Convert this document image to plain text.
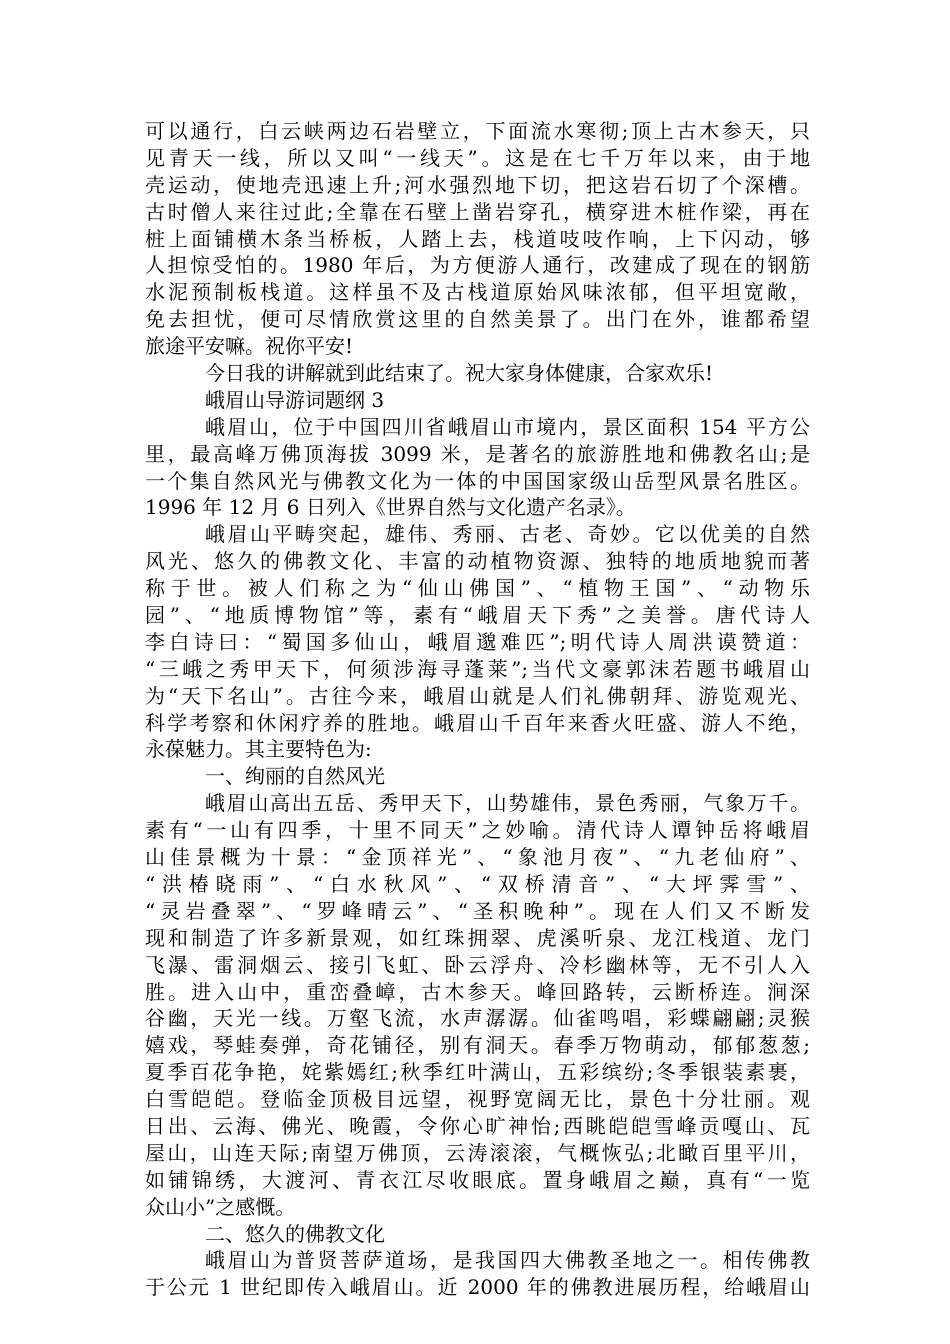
可以通行，白云峡两边石岩壁立，下面流水寒彻;顶上古木参天，只
见青天一线，所以又叫“一线天”。这是在七千万年以来，由于地
壳运动，使地壳迅速上升;河水强烈地下切，把这岩石切了个深槽。
古时僧人来往过此;全靠在石壁上凿岩穿孔，横穿进木桩作梁，再在
桩上面铺横木条当桥板，人踏上去，栈道吱吱作响，上下闪动，够
人担惊受怕的。1980 年后，为方便游人通行，改建成了现在的钢筋
水泥预制板栈道。这样虽不及古栈道原始风味浓郁，但平坦宽敞，
免去担忧，便可尽情欣赏这里的自然美景了。出门在外，谁都希望
旅途平安嘛。祝你平安!
今日我的讲解就到此结束了。祝大家身体健康，合家欢乐!
峨眉山导游词题纲 3
峨眉山，位于中国四川省峨眉山市境内，景区面积 154 平方公
里，最高峰万佛顶海拔 3099 米，是著名的旅游胜地和佛教名山;是
一个集自然风光与佛教文化为一体的中国国家级山岳型风景名胜区。
1996 年 12 月 6 日列入《世界自然与文化遗产名录》。
峨眉山平畴突起，雄伟、秀丽、古老、奇妙。它以优美的自然
风光、悠久的佛教文化、丰富的动植物资源、独特的地质地貌而著
称于世。被人们称之为“仙山佛国”、“植物王国”、“动物乐
园”、“地质博物馆”等，素有“峨眉天下秀”之美誉。唐代诗人
李白诗曰：“蜀国多仙山，峨眉邈难匹”;明代诗人周洪谟赞道：
“三峨之秀甲天下，何须涉海寻蓬莱”;当代文豪郭沫若题书峨眉山
为“天下名山”。古往今来，峨眉山就是人们礼佛朝拜、游览观光、
科学考察和休闲疗养的胜地。峨眉山千百年来香火旺盛、游人不绝，
永葆魅力。其主要特色为:
一、绚丽的自然风光
峨眉山高出五岳、秀甲天下，山势雄伟，景色秀丽，气象万千。
素有“一山有四季，十里不同天”之妙喻。清代诗人谭钟岳将峨眉
山佳景概为十景：“金顶祥光”、“象池月夜”、“九老仙府”、
“洪椿晓雨”、“白水秋风”、“双桥清音”、“大坪霁雪”、
“灵岩叠翠”、“罗峰晴云”、“圣积晚种”。现在人们又不断发
现和制造了许多新景观，如红珠拥翠、虎溪听泉、龙江栈道、龙门
飞瀑、雷洞烟云、接引飞虹、卧云浮舟、冷杉幽林等，无不引人入
胜。进入山中，重峦叠嶂，古木参天。峰回路转，云断桥连。涧深
谷幽，天光一线。万壑飞流，水声潺潺。仙雀鸣唱，彩蝶翩翩;灵猴
嬉戏，琴蛙奏弹，奇花铺径，别有洞天。春季万物萌动，郁郁葱葱;
夏季百花争艳，姹紫嫣红;秋季红叶满山，五彩缤纷;冬季银装素裹，
白雪皑皑。登临金顶极目远望，视野宽阔无比，景色十分壮丽。观
日出、云海、佛光、晚霞，令你心旷神怡;西眺皑皑雪峰贡嘎山、瓦
屋山，山连天际;南望万佛顶，云涛滚滚，气概恢弘;北瞰百里平川，
如铺锦绣，大渡河、青衣江尽收眼底。置身峨眉之巅，真有“一览
众山小”之感慨。
二、悠久的佛教文化
峨眉山为普贤菩萨道场，是我国四大佛教圣地之一。相传佛教
于公元 1 世纪即传入峨眉山。近 2000 年的佛教进展历程，给峨眉山
